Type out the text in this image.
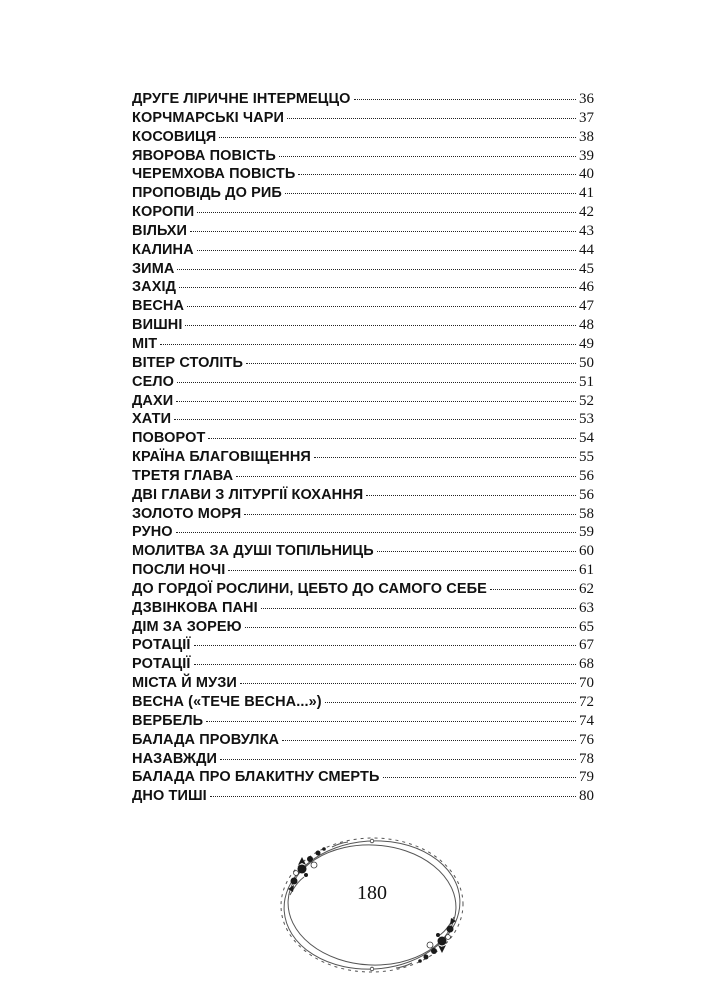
ДРУГЕ ЛІРИЧНЕ ІНТЕРМЕЦЦО	36
КОРЧМАРСЬКІ ЧАРИ	37
КОСОВИЦЯ	38
ЯВОРОВА ПОВІСТЬ	39
ЧЕРЕМХОВА ПОВІСТЬ	40
ПРОПОВІДЬ ДО РИБ	41
КОРОПИ	42
ВІЛЬХИ	43
КАЛИНА	44
ЗИМА	45
ЗАХІД	46
ВЕСНА	47
ВИШНІ	48
МІТ	49
ВІТЕР СТОЛІТЬ	50
СЕЛО	51
ДАХИ	52
ХАТИ	53
ПОВОРОТ	54
КРАЇНА БЛАГОВІЩЕННЯ	55
ТРЕТЯ ГЛАВА	56
ДВІ ГЛАВИ З ЛІТУРГІЇ КОХАННЯ	56
ЗОЛОТО МОРЯ	58
РУНО	59
МОЛИТВА ЗА ДУШІ ТОПІЛЬНИЦЬ	60
ПОСЛИ НОЧІ	61
ДО ГОРДОЇ РОСЛИНИ, ЦЕБТО ДО САМОГО СЕБЕ	62
ДЗВІНКОВА ПАНІ	63
ДІМ ЗА ЗОРЕЮ	65
РОТАЦІЇ	67
РОТАЦІЇ	68
МІСТА Й МУЗИ	70
ВЕСНА («ТЕЧЕ ВЕСНА...»)	72
ВЕРБЕЛЬ	74
БАЛАДА ПРОВУЛКА	76
НАЗАВЖДИ	78
БАЛАДА ПРО БЛАКИТНУ СМЕРТЬ	79
ДНО ТИШІ	80
180
